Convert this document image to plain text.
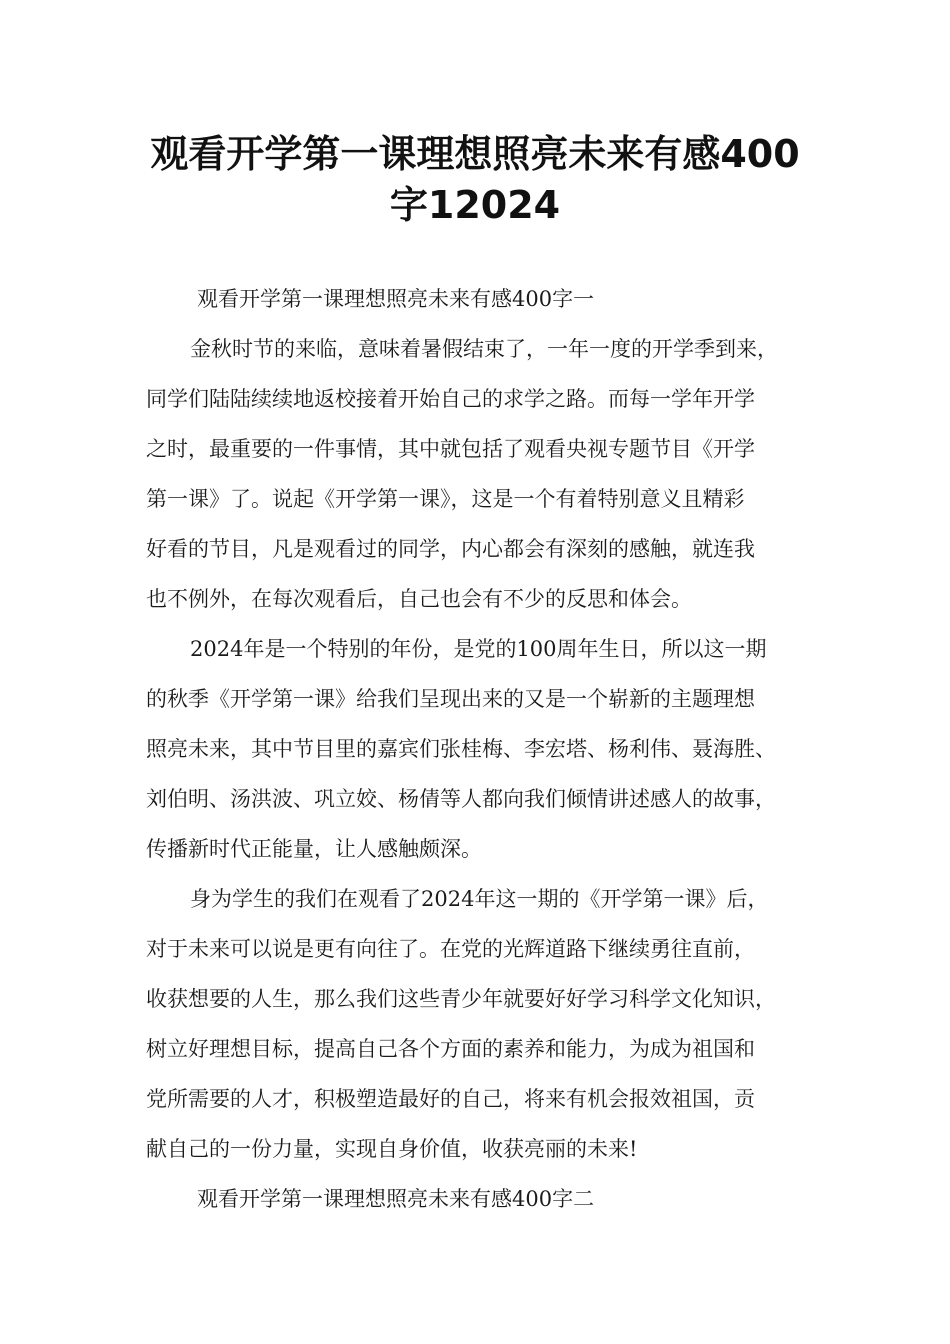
观看开学第一课理想照亮未来有感400
字12024

观看开学第一课理想照亮未来有感400字一

金秋时节的来临，意味着暑假结束了，一年一度的开学季到来，

同学们陆陆续续地返校接着开始自己的求学之路。而每一学年开学

之时，最重要的一件事情，其中就包括了观看央视专题节目《开学

第一课》了。说起《开学第一课》，这是一个有着特别意义且精彩

好看的节目，凡是观看过的同学，内心都会有深刻的感触，就连我

也不例外，在每次观看后，自己也会有不少的反思和体会。

2024年是一个特别的年份，是党的100周年生日，所以这一期

的秋季《开学第一课》给我们呈现出来的又是一个崭新的主题理想

照亮未来，其中节目里的嘉宾们张桂梅、李宏塔、杨利伟、聂海胜、

刘伯明、汤洪波、巩立姣、杨倩等人都向我们倾情讲述感人的故事，

传播新时代正能量，让人感触颇深。

身为学生的我们在观看了2024年这一期的《开学第一课》后，

对于未来可以说是更有向往了。在党的光辉道路下继续勇往直前，

收获想要的人生，那么我们这些青少年就要好好学习科学文化知识，

树立好理想目标，提高自己各个方面的素养和能力，为成为祖国和

党所需要的人才，积极塑造最好的自己，将来有机会报效祖国，贡

献自己的一份力量，实现自身价值，收获亮丽的未来!

观看开学第一课理想照亮未来有感400字二
